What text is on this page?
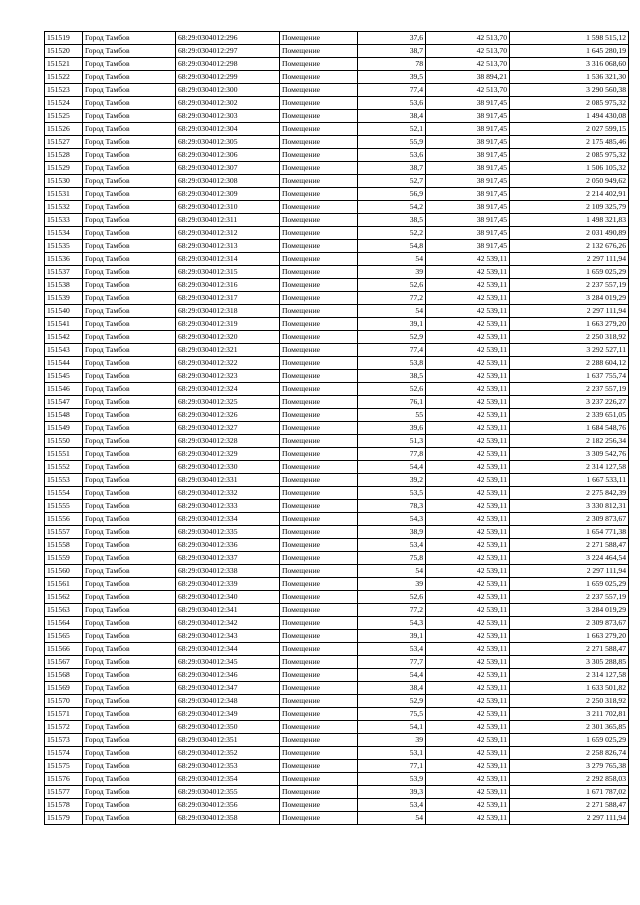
151519	Город Тамбов	68:29:0304012:296	Помещение	37,6	42 513,70	1 598 515,12
151520	Город Тамбов	68:29:0304012:297	Помещение	38,7	42 513,70	1 645 280,19
151521	Город Тамбов	68:29:0304012:298	Помещение	78	42 513,70	3 316 068,60
151522	Город Тамбов	68:29:0304012:299	Помещение	39,5	38 894,21	1 536 321,30
151523	Город Тамбов	68:29:0304012:300	Помещение	77,4	42 513,70	3 290 560,38
151524	Город Тамбов	68:29:0304012:302	Помещение	53,6	38 917,45	2 085 975,32
151525	Город Тамбов	68:29:0304012:303	Помещение	38,4	38 917,45	1 494 430,08
151526	Город Тамбов	68:29:0304012:304	Помещение	52,1	38 917,45	2 027 599,15
151527	Город Тамбов	68:29:0304012:305	Помещение	55,9	38 917,45	2 175 485,46
151528	Город Тамбов	68:29:0304012:306	Помещение	53,6	38 917,45	2 085 975,32
151529	Город Тамбов	68:29:0304012:307	Помещение	38,7	38 917,45	1 506 105,32
151530	Город Тамбов	68:29:0304012:308	Помещение	52,7	38 917,45	2 050 949,62
151531	Город Тамбов	68:29:0304012:309	Помещение	56,9	38 917,45	2 214 402,91
151532	Город Тамбов	68:29:0304012:310	Помещение	54,2	38 917,45	2 109 325,79
151533	Город Тамбов	68:29:0304012:311	Помещение	38,5	38 917,45	1 498 321,83
151534	Город Тамбов	68:29:0304012:312	Помещение	52,2	38 917,45	2 031 490,89
151535	Город Тамбов	68:29:0304012:313	Помещение	54,8	38 917,45	2 132 676,26
151536	Город Тамбов	68:29:0304012:314	Помещение	54	42 539,11	2 297 111,94
151537	Город Тамбов	68:29:0304012:315	Помещение	39	42 539,11	1 659 025,29
151538	Город Тамбов	68:29:0304012:316	Помещение	52,6	42 539,11	2 237 557,19
151539	Город Тамбов	68:29:0304012:317	Помещение	77,2	42 539,11	3 284 019,29
151540	Город Тамбов	68:29:0304012:318	Помещение	54	42 539,11	2 297 111,94
151541	Город Тамбов	68:29:0304012:319	Помещение	39,1	42 539,11	1 663 279,20
151542	Город Тамбов	68:29:0304012:320	Помещение	52,9	42 539,11	2 250 318,92
151543	Город Тамбов	68:29:0304012:321	Помещение	77,4	42 539,11	3 292 527,11
151544	Город Тамбов	68:29:0304012:322	Помещение	53,8	42 539,11	2 288 604,12
151545	Город Тамбов	68:29:0304012:323	Помещение	38,5	42 539,11	1 637 755,74
151546	Город Тамбов	68:29:0304012:324	Помещение	52,6	42 539,11	2 237 557,19
151547	Город Тамбов	68:29:0304012:325	Помещение	76,1	42 539,11	3 237 226,27
151548	Город Тамбов	68:29:0304012:326	Помещение	55	42 539,11	2 339 651,05
151549	Город Тамбов	68:29:0304012:327	Помещение	39,6	42 539,11	1 684 548,76
151550	Город Тамбов	68:29:0304012:328	Помещение	51,3	42 539,11	2 182 256,34
151551	Город Тамбов	68:29:0304012:329	Помещение	77,8	42 539,11	3 309 542,76
151552	Город Тамбов	68:29:0304012:330	Помещение	54,4	42 539,11	2 314 127,58
151553	Город Тамбов	68:29:0304012:331	Помещение	39,2	42 539,11	1 667 533,11
151554	Город Тамбов	68:29:0304012:332	Помещение	53,5	42 539,11	2 275 842,39
151555	Город Тамбов	68:29:0304012:333	Помещение	78,3	42 539,11	3 330 812,31
151556	Город Тамбов	68:29:0304012:334	Помещение	54,3	42 539,11	2 309 873,67
151557	Город Тамбов	68:29:0304012:335	Помещение	38,9	42 539,11	1 654 771,38
151558	Город Тамбов	68:29:0304012:336	Помещение	53,4	42 539,11	2 271 588,47
151559	Город Тамбов	68:29:0304012:337	Помещение	75,8	42 539,11	3 224 464,54
151560	Город Тамбов	68:29:0304012:338	Помещение	54	42 539,11	2 297 111,94
151561	Город Тамбов	68:29:0304012:339	Помещение	39	42 539,11	1 659 025,29
151562	Город Тамбов	68:29:0304012:340	Помещение	52,6	42 539,11	2 237 557,19
151563	Город Тамбов	68:29:0304012:341	Помещение	77,2	42 539,11	3 284 019,29
151564	Город Тамбов	68:29:0304012:342	Помещение	54,3	42 539,11	2 309 873,67
151565	Город Тамбов	68:29:0304012:343	Помещение	39,1	42 539,11	1 663 279,20
151566	Город Тамбов	68:29:0304012:344	Помещение	53,4	42 539,11	2 271 588,47
151567	Город Тамбов	68:29:0304012:345	Помещение	77,7	42 539,11	3 305 288,85
151568	Город Тамбов	68:29:0304012:346	Помещение	54,4	42 539,11	2 314 127,58
151569	Город Тамбов	68:29:0304012:347	Помещение	38,4	42 539,11	1 633 501,82
151570	Город Тамбов	68:29:0304012:348	Помещение	52,9	42 539,11	2 250 318,92
151571	Город Тамбов	68:29:0304012:349	Помещение	75,5	42 539,11	3 211 702,81
151572	Город Тамбов	68:29:0304012:350	Помещение	54,1	42 539,11	2 301 365,85
151573	Город Тамбов	68:29:0304012:351	Помещение	39	42 539,11	1 659 025,29
151574	Город Тамбов	68:29:0304012:352	Помещение	53,1	42 539,11	2 258 826,74
151575	Город Тамбов	68:29:0304012:353	Помещение	77,1	42 539,11	3 279 765,38
151576	Город Тамбов	68:29:0304012:354	Помещение	53,9	42 539,11	2 292 858,03
151577	Город Тамбов	68:29:0304012:355	Помещение	39,3	42 539,11	1 671 787,02
151578	Город Тамбов	68:29:0304012:356	Помещение	53,4	42 539,11	2 271 588,47
151579	Город Тамбов	68:29:0304012:358	Помещение	54	42 539,11	2 297 111,94
